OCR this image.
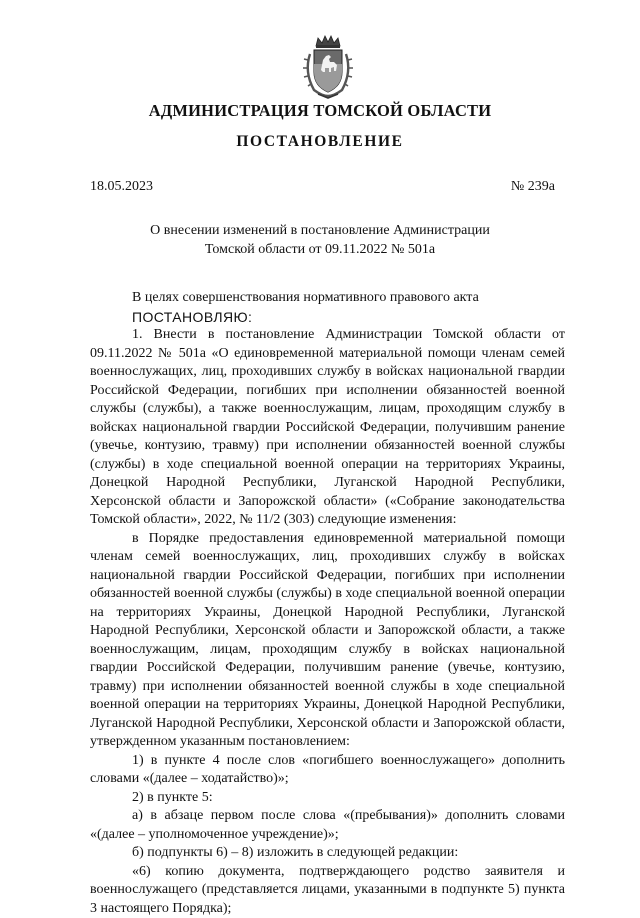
АДМИНИСТРАЦИЯ ТОМСКОЙ ОБЛАСТИ
ПОСТАНОВЛЕНИЕ
18.05.2023	№ 239а
О внесении изменений в постановление Администрации
Томской области от 09.11.2022 № 501а

В целях совершенствования нормативного правового акта

ПОСТАНОВЛЯЮ:

1. Внести в постановление Администрации Томской области от 09.11.2022 № 501а «О единовременной материальной помощи членам семей военнослужащих, лиц, проходивших службу в войсках национальной гвардии Российской Федерации, погибших при исполнении обязанностей военной службы (службы), а также военнослужащим, лицам, проходящим службу в войсках национальной гвардии Российской Федерации, получившим ранение (увечье, контузию, травму) при исполнении обязанностей военной службы (службы) в ходе специальной военной операции на территориях Украины, Донецкой Народной Республики, Луганской Народной Республики, Херсонской области и Запорожской области» («Собрание законодательства Томской области», 2022, № 11/2 (303) следующие изменения:

в Порядке предоставления единовременной материальной помощи членам семей военнослужащих, лиц, проходивших службу в войсках национальной гвардии Российской Федерации, погибших при исполнении обязанностей военной службы (службы) в ходе специальной военной операции на территориях Украины, Донецкой Народной Республики, Луганской Народной Республики, Херсонской области и Запорожской области, а также военнослужащим, лицам, проходящим службу в войсках национальной гвардии Российской Федерации, получившим ранение (увечье, контузию, травму) при исполнении обязанностей военной службы в ходе специальной военной операции на территориях Украины, Донецкой Народной Республики, Луганской Народной Республики, Херсонской области и Запорожской области, утвержденном указанным постановлением:

1) в пункте 4 после слов «погибшего военнослужащего» дополнить словами «(далее – ходатайство)»;

2) в пункте 5:

а) в абзаце первом после слова «(пребывания)» дополнить словами «(далее – уполномоченное учреждение)»;

б) подпункты 6) – 8) изложить в следующей редакции:

«6) копию документа, подтверждающего родство заявителя и военнослужащего (представляется лицами, указанными в подпункте 5) пункта 3 настоящего Порядка);
